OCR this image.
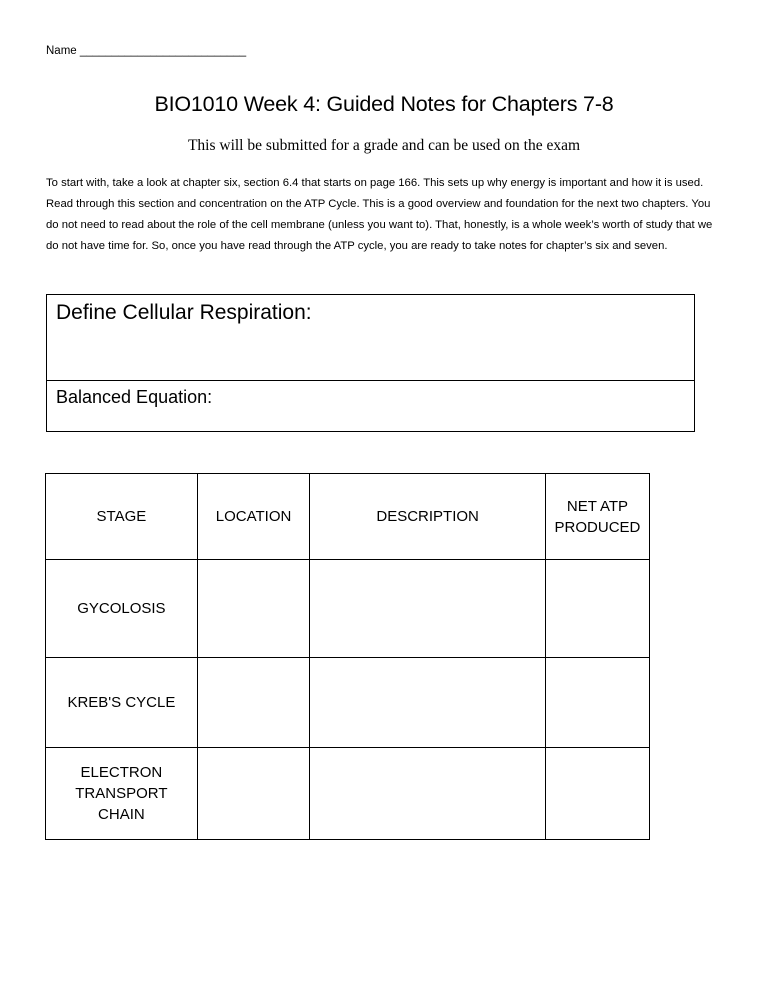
Name __________________________
BIO1010 Week 4: Guided Notes for Chapters 7-8
This will be submitted for a grade and can be used on the exam

To start with, take a look at chapter six, section 6.4 that starts on page 166. This sets up why energy is important and how it is used. Read through this section and concentration on the ATP Cycle. This is a good overview and foundation for the next two chapters. You do not need to read about the role of the cell membrane (unless you want to). That, honestly, is a whole week’s worth of study that we do not have time for. So, once you have read through the ATP cycle, you are ready to take notes for chapter’s six and seven.

Define Cellular Respiration:
Balanced Equation:
STAGE	LOCATION	DESCRIPTION	NET ATP PRODUCED
GYCOLOSIS			
KREB'S CYCLE			
ELECTRON TRANSPORT CHAIN			
